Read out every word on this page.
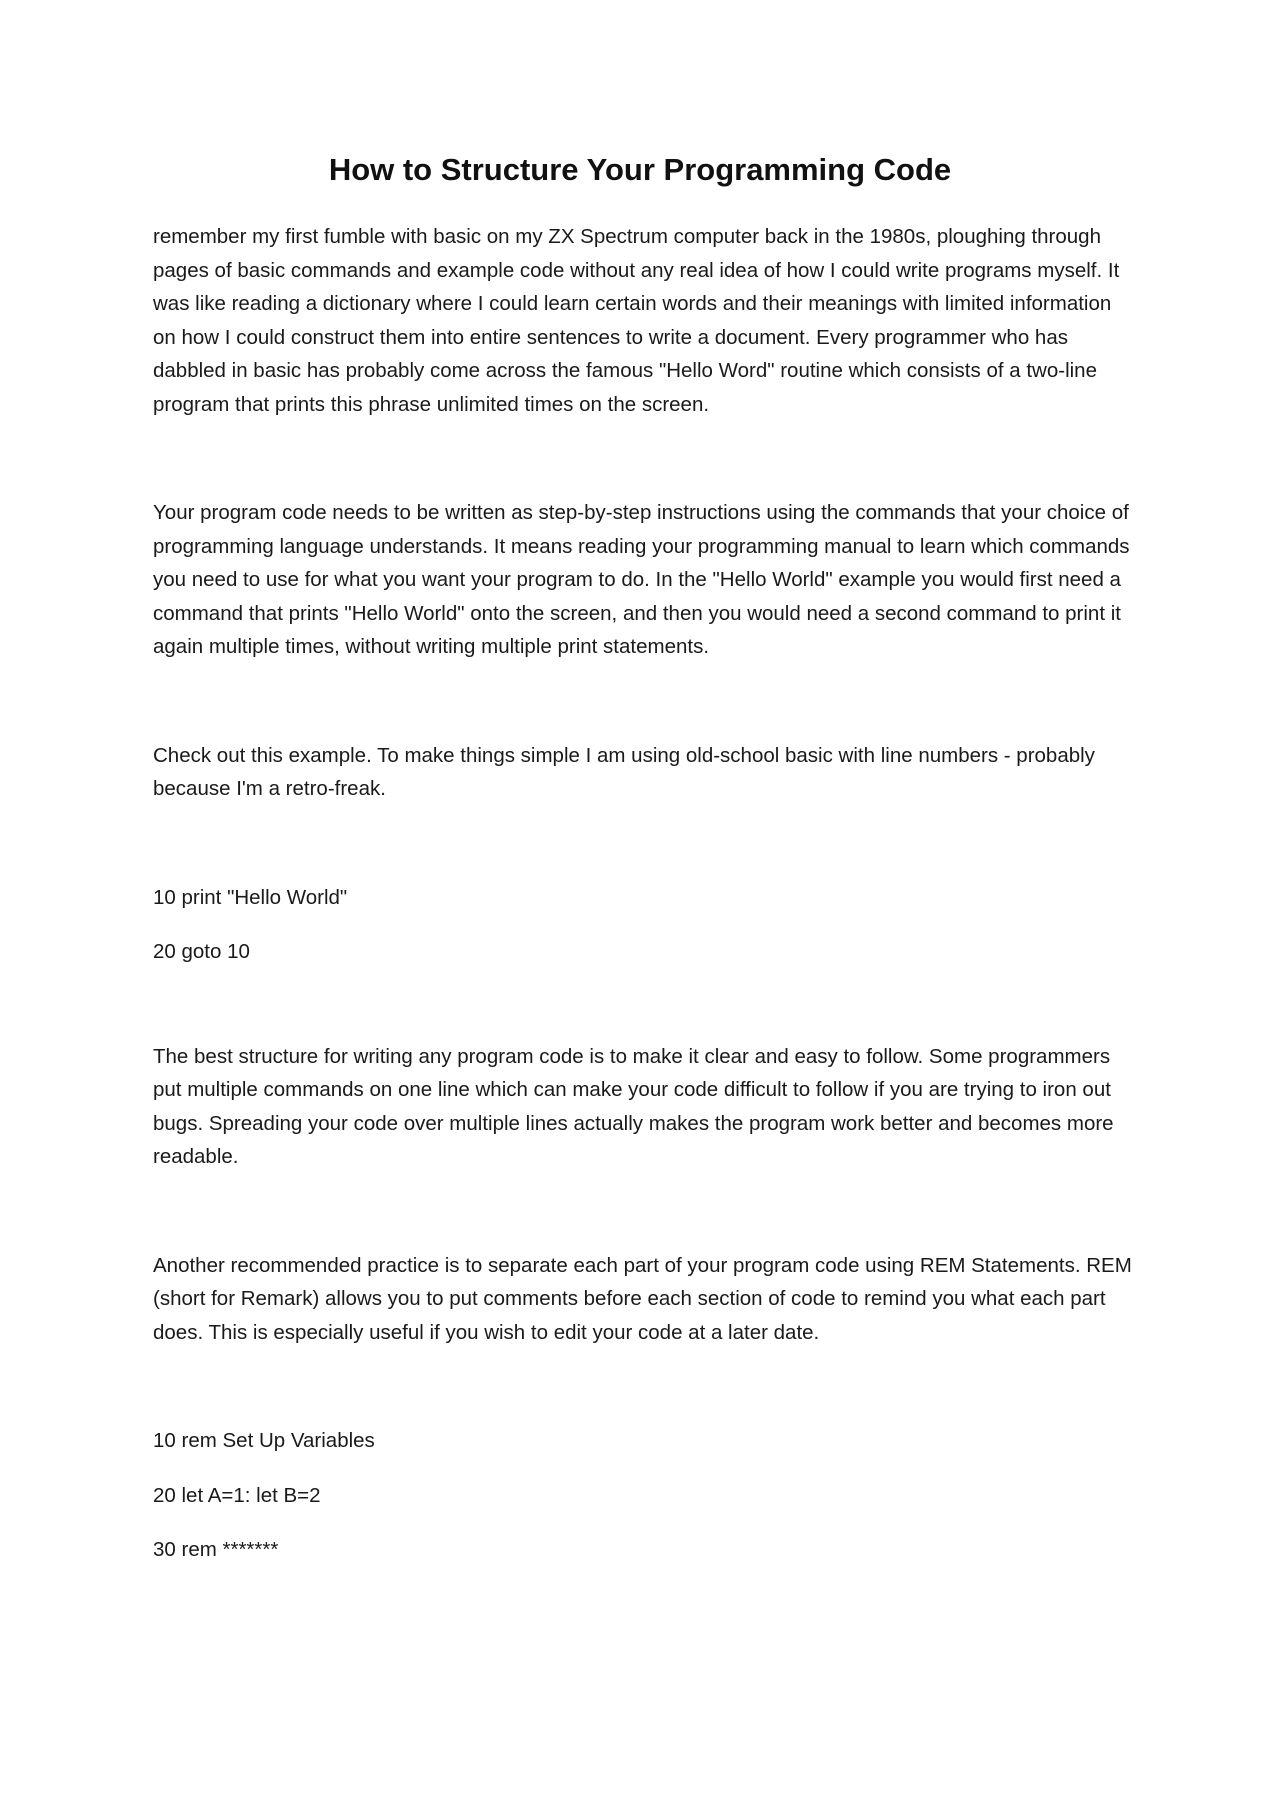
How to Structure Your Programming Code

remember my first fumble with basic on my ZX Spectrum computer back in the 1980s, ploughing through pages of basic commands and example code without any real idea of how I could write programs myself. It was like reading a dictionary where I could learn certain words and their meanings with limited information on how I could construct them into entire sentences to write a document. Every programmer who has dabbled in basic has probably come across the famous "Hello Word" routine which consists of a two-line program that prints this phrase unlimited times on the screen.

Your program code needs to be written as step-by-step instructions using the commands that your choice of programming language understands. It means reading your programming manual to learn which commands you need to use for what you want your program to do. In the "Hello World" example you would first need a command that prints "Hello World" onto the screen, and then you would need a second command to print it again multiple times, without writing multiple print statements.

Check out this example. To make things simple I am using old-school basic with line numbers - probably because I'm a retro-freak.

10 print "Hello World"

20 goto 10

The best structure for writing any program code is to make it clear and easy to follow. Some programmers put multiple commands on one line which can make your code difficult to follow if you are trying to iron out bugs. Spreading your code over multiple lines actually makes the program work better and becomes more readable.

Another recommended practice is to separate each part of your program code using REM Statements. REM (short for Remark) allows you to put comments before each section of code to remind you what each part does. This is especially useful if you wish to edit your code at a later date.

10 rem Set Up Variables

20 let A=1: let B=2

30 rem *******
